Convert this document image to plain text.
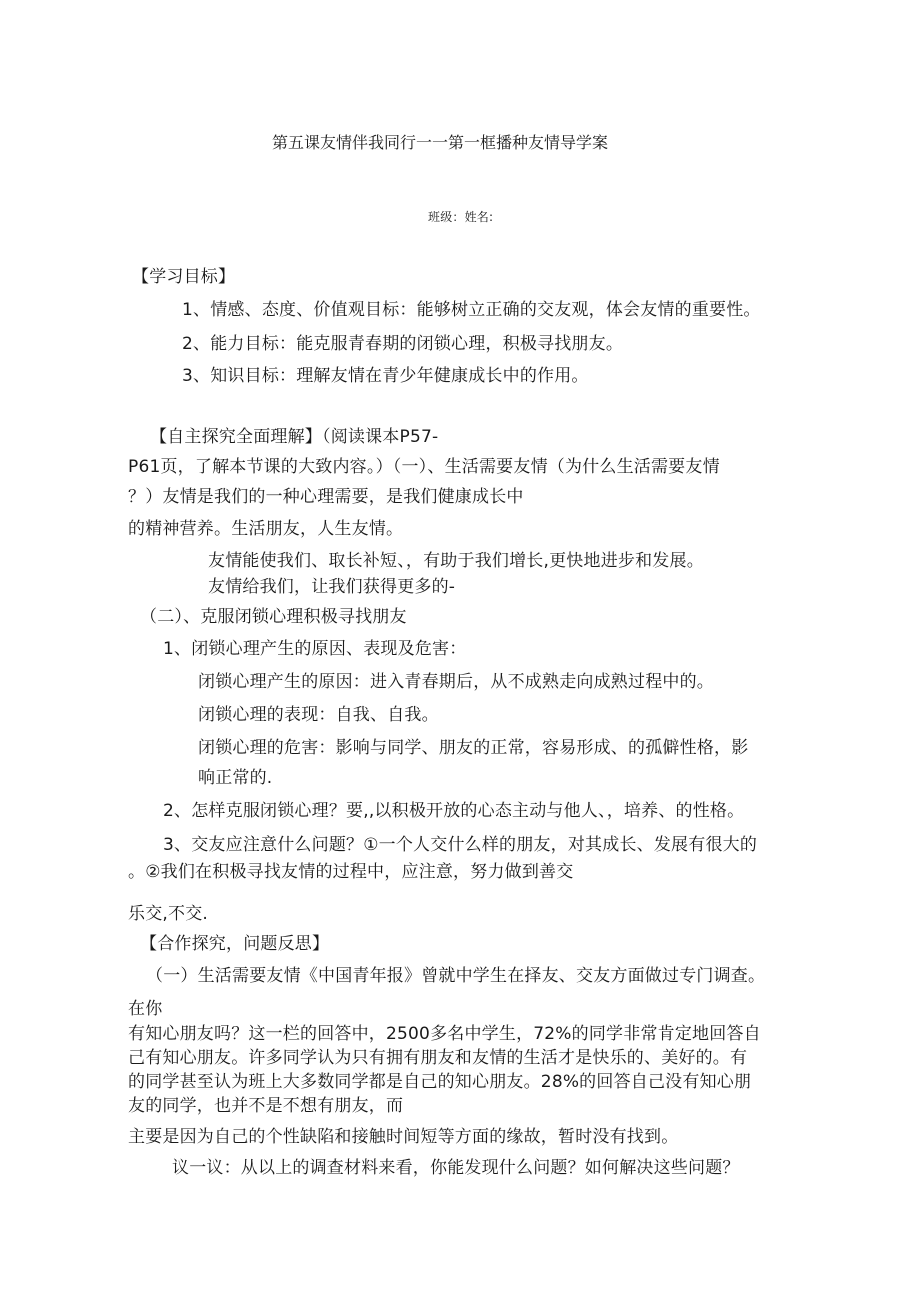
第五课友情伴我同行一一第一框播种友情导学案
班级：姓名:
【学习目标】
1、情感、态度、价值观目标：能够树立正确的交友观，体会友情的重要性。
2、能力目标：能克服青春期的闭锁心理，积极寻找朋友。
3、知识目标：理解友情在青少年健康成长中的作用。
【自主探究全面理解】（阅读课本P57-
P61页，了解本节课的大致内容。）（一）、生活需要友情（为什么生活需要友情
？）友情是我们的一种心理需要，是我们健康成长中
的精神营养。生活朋友，人生友情。
友情能使我们、取长补短、，有助于我们增长,更快地进步和发展。
友情给我们，让我们获得更多的-
（二）、克服闭锁心理积极寻找朋友
1、闭锁心理产生的原因、表现及危害：
闭锁心理产生的原因：进入青春期后，从不成熟走向成熟过程中的。
闭锁心理的表现：自我、自我。
闭锁心理的危害：影响与同学、朋友的正常，容易形成、的孤僻性格，影
响正常的.
2、怎样克服闭锁心理？要,,以积极开放的心态主动与他人、，培养、的性格。
3、交友应注意什么问题？①一个人交什么样的朋友，对其成长、发展有很大的
。②我们在积极寻找友情的过程中，应注意，努力做到善交
乐交,不交.
【合作探究，问题反思】
（一）生活需要友情《中国青年报》曾就中学生在择友、交友方面做过专门调查。
在你
有知心朋友吗？这一栏的回答中，2500多名中学生，72%的同学非常肯定地回答自
己有知心朋友。许多同学认为只有拥有朋友和友情的生活才是快乐的、美好的。有
的同学甚至认为班上大多数同学都是自己的知心朋友。28%的回答自己没有知心朋
友的同学，也并不是不想有朋友，而
主要是因为自己的个性缺陷和接触时间短等方面的缘故，暂时没有找到。
议一议：从以上的调查材料来看，你能发现什么问题？如何解决这些问题？
